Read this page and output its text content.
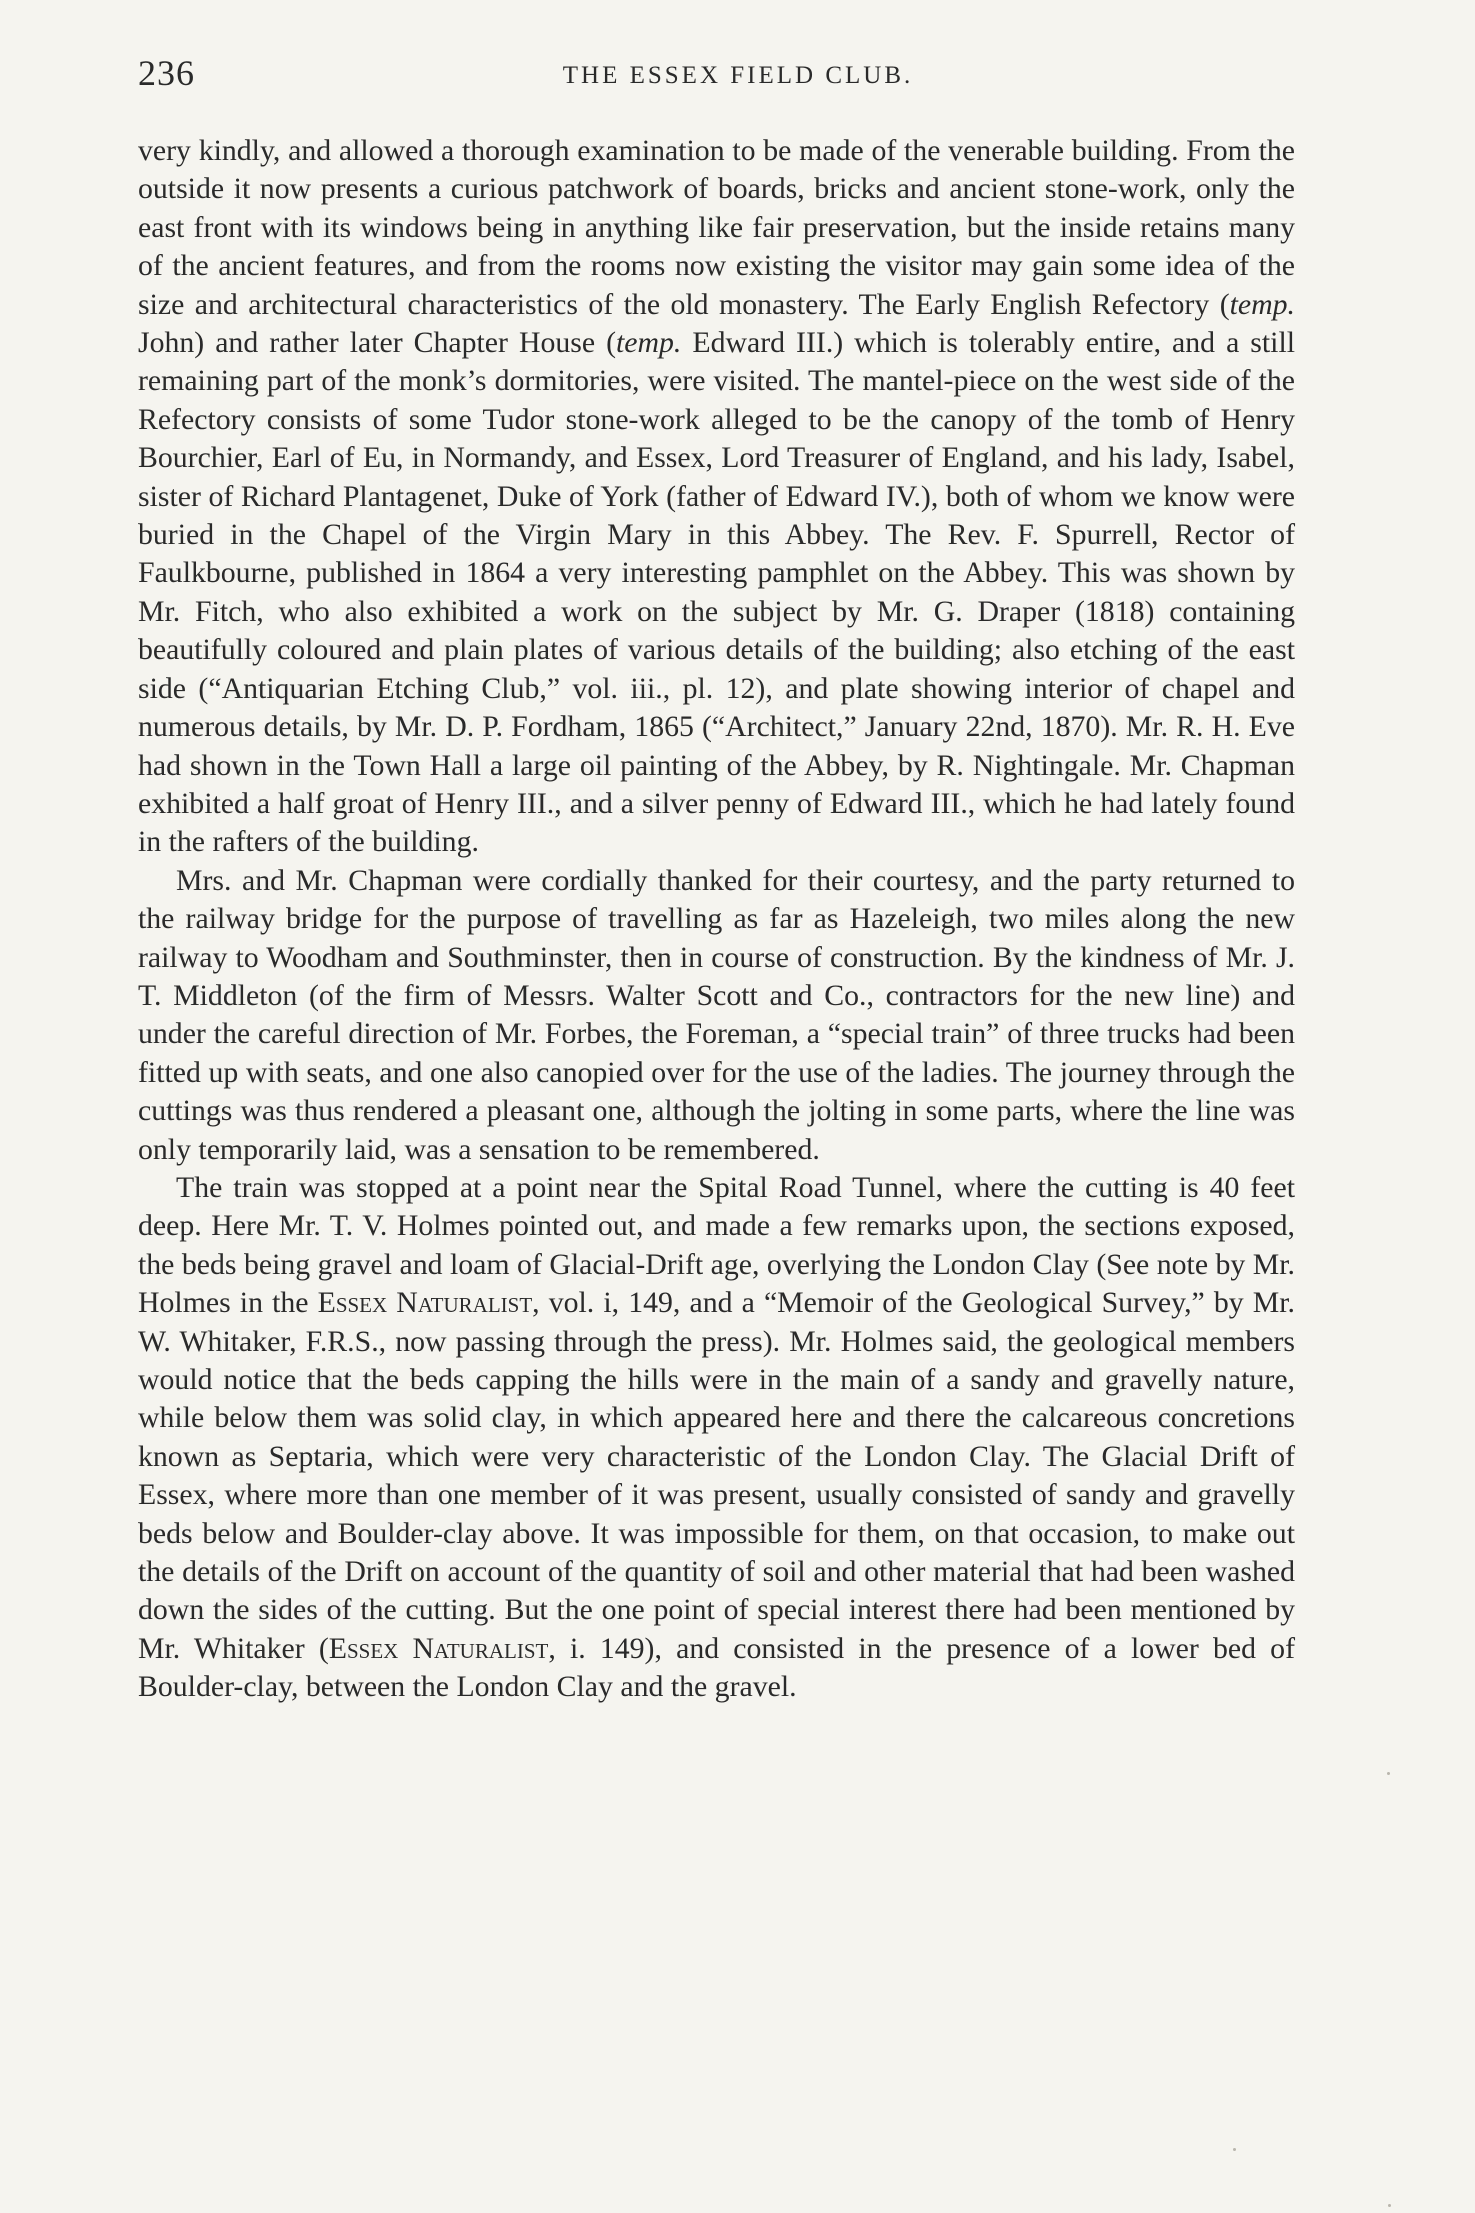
236	THE ESSEX FIELD CLUB.

very kindly, and allowed a thorough examination to be made of the venerable building. From the outside it now presents a curious patchwork of boards, bricks and ancient stone-work, only the east front with its windows being in anything like fair preservation, but the inside retains many of the ancient features, and from the rooms now existing the visitor may gain some idea of the size and architectural characteristics of the old monastery. The Early English Refectory (temp. John) and rather later Chapter House (temp. Edward III.) which is tolerably entire, and a still remaining part of the monk’s dormitories, were visited. The mantel-piece on the west side of the Refectory consists of some Tudor stone-work alleged to be the canopy of the tomb of Henry Bourchier, Earl of Eu, in Normandy, and Essex, Lord Treasurer of England, and his lady, Isabel, sister of Richard Plantagenet, Duke of York (father of Edward IV.), both of whom we know were buried in the Chapel of the Virgin Mary in this Abbey. The Rev. F. Spurrell, Rector of Faulkbourne, published in 1864 a very interesting pamphlet on the Abbey. This was shown by Mr. Fitch, who also exhibited a work on the subject by Mr. G. Draper (1818) containing beautifully coloured and plain plates of various details of the building; also etching of the east side (“Antiquarian Etching Club,” vol. iii., pl. 12), and plate showing interior of chapel and numerous details, by Mr. D. P. Fordham, 1865 (“Architect,” January 22nd, 1870). Mr. R. H. Eve had shown in the Town Hall a large oil painting of the Abbey, by R. Nightingale. Mr. Chapman exhibited a half groat of Henry III., and a silver penny of Edward III., which he had lately found in the rafters of the building.

Mrs. and Mr. Chapman were cordially thanked for their courtesy, and the party returned to the railway bridge for the purpose of travelling as far as Hazeleigh, two miles along the new railway to Woodham and Southminster, then in course of construction. By the kindness of Mr. J. T. Middleton (of the firm of Messrs. Walter Scott and Co., contractors for the new line) and under the careful direction of Mr. Forbes, the Foreman, a “special train” of three trucks had been fitted up with seats, and one also canopied over for the use of the ladies. The journey through the cuttings was thus rendered a pleasant one, although the jolting in some parts, where the line was only temporarily laid, was a sensation to be remembered.

The train was stopped at a point near the Spital Road Tunnel, where the cutting is 40 feet deep. Here Mr. T. V. Holmes pointed out, and made a few remarks upon, the sections exposed, the beds being gravel and loam of Glacial-Drift age, overlying the London Clay (See note by Mr. Holmes in the Essex Naturalist, vol. i, 149, and a “Memoir of the Geological Survey,” by Mr. W. Whitaker, F.R.S., now passing through the press). Mr. Holmes said, the geological members would notice that the beds capping the hills were in the main of a sandy and gravelly nature, while below them was solid clay, in which appeared here and there the calcareous concretions known as Septaria, which were very characteristic of the London Clay. The Glacial Drift of Essex, where more than one member of it was present, usually consisted of sandy and gravelly beds below and Boulder-clay above. It was impossible for them, on that occasion, to make out the details of the Drift on account of the quantity of soil and other material that had been washed down the sides of the cutting. But the one point of special interest there had been mentioned by Mr. Whitaker (Essex Naturalist, i. 149), and consisted in the presence of a lower bed of Boulder-clay, between the London Clay and the gravel.
